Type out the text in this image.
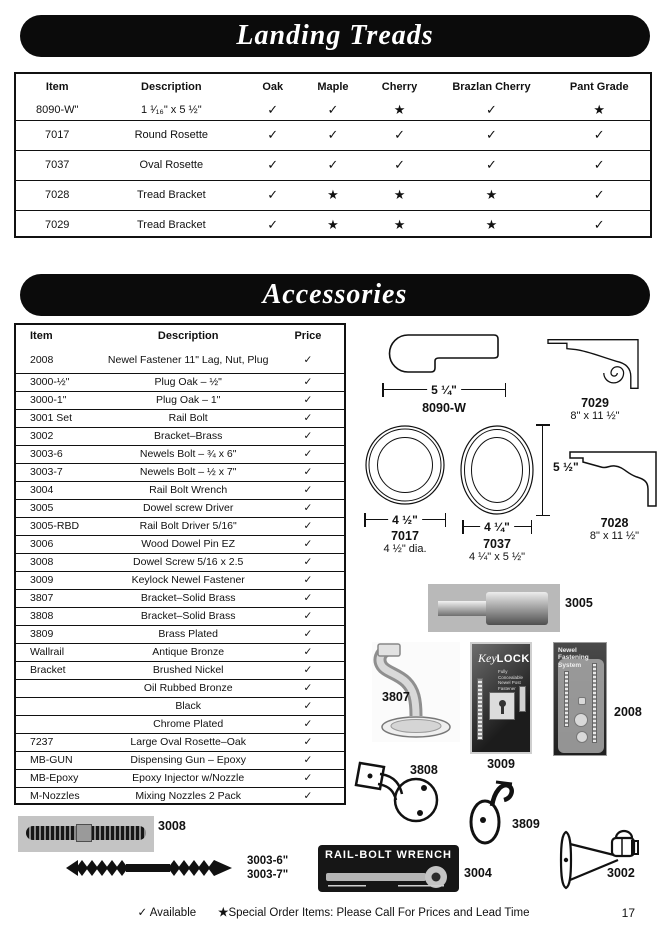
Landing Treads
Item	Description	Oak	Maple	Cherry	Brazlan Cherry	Pant Grade
8090-W"	1 ¹⁄₁₆" x 5 ½"	✓	✓	★	✓	★
7017	Round Rosette	✓	✓	✓	✓	✓
7037	Oval Rosette	✓	✓	✓	✓	✓
7028	Tread Bracket	✓	★	★	★	✓
7029	Tread Bracket	✓	★	★	★	✓
Accessories
Item	Description	Price
2008	Newel Fastener 11" Lag, Nut, Plug	✓
3000-½"	Plug Oak – ½"	✓
3000-1"	Plug Oak – 1"	✓
3001 Set	Rail Bolt	✓
3002	Bracket–Brass	✓
3003-6	Newels Bolt – ¾ x 6"	✓
3003-7	Newels Bolt – ½ x 7"	✓
3004	Rail Bolt Wrench	✓
3005	Dowel screw Driver	✓
3005-RBD	Rail Bolt Driver 5/16"	✓
3006	Wood Dowel Pin EZ	✓
3008	Dowel Screw 5/16 x 2.5	✓
3009	Keylock Newel Fastener	✓
3807	Bracket–Solid Brass	✓
3808	Bracket–Solid Brass	✓
3809	Brass Plated	✓
Wallrail	Antique Bronze	✓
Bracket	Brushed Nickel	✓
	Oil Rubbed Bronze	✓
	Black	✓
	Chrome Plated	✓
7237	Large Oval Rosette–Oak	✓
MB-GUN	Dispensing Gun – Epoxy	✓
MB-Epoxy	Epoxy Injector w/Nozzle	✓
M-Nozzles	Mixing Nozzles 2 Pack	✓
5 ¼"
8090-W	7029
8" x 11 ½"
4 ½"
7017
4 ½" dia.
5 ½"
4 ¼"
7037
4 ¼" x 5 ½"
7028
8" x 11 ½"
3005
3807
KeyLOCK
Fully Concealable Newel Post Fastener
3009
Newel Fastening System
2008
3808
3809
3008
3003-6"
3003-7"
RAIL-BOLT WRENCH
3004	3002
✓ Available ★Special Order Items: Please Call For Prices and Lead Time	17
